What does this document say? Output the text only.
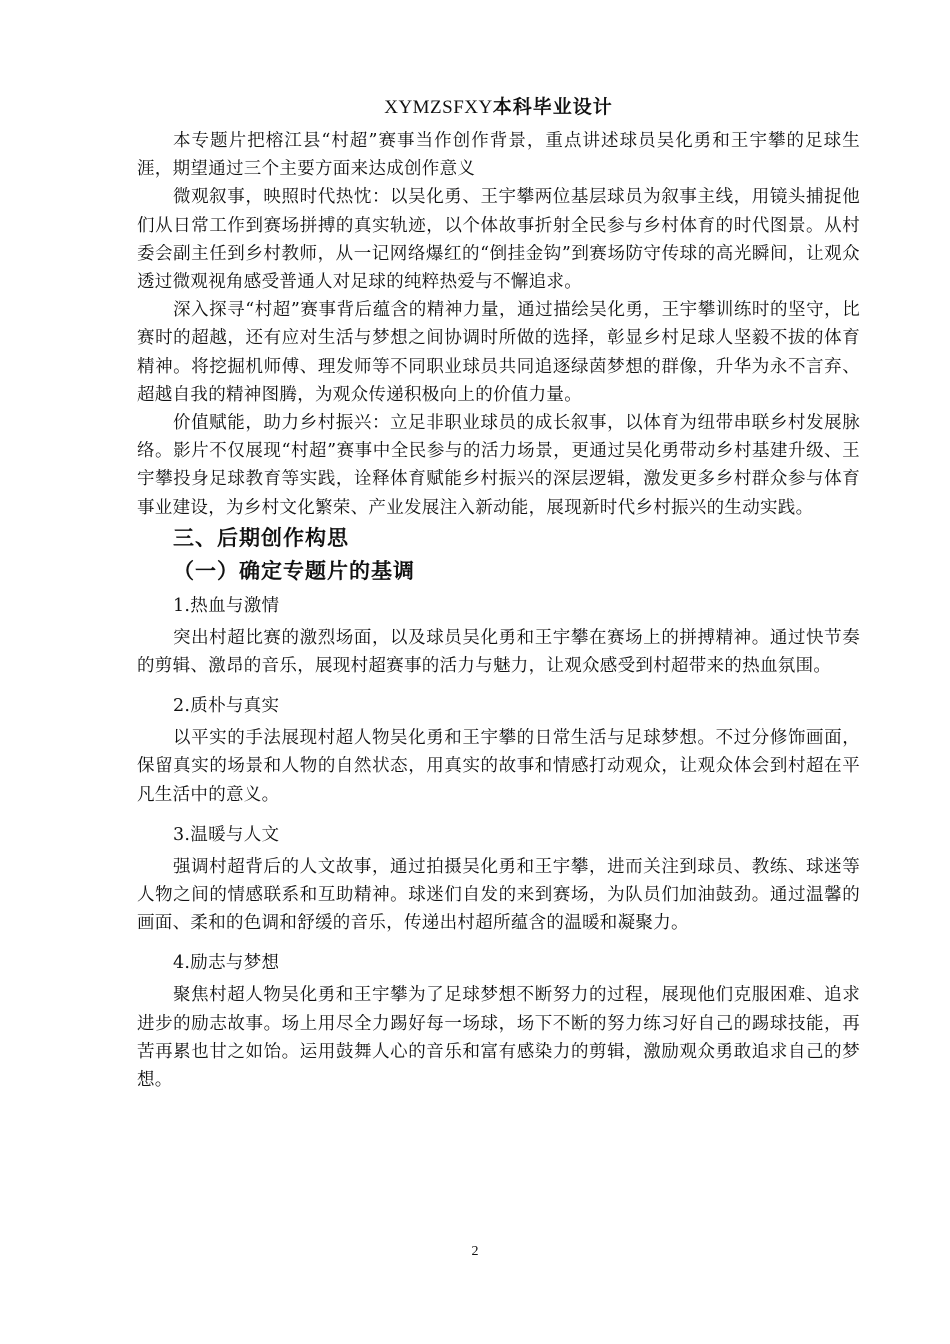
XYMZSFXY本科毕业设计

本专题片把榕江县“村超”赛事当作创作背景，重点讲述球员吴化勇和王宇攀的足球生涯，期望通过三个主要方面来达成创作意义

微观叙事，映照时代热忱：以吴化勇、王宇攀两位基层球员为叙事主线，用镜头捕捉他们从日常工作到赛场拼搏的真实轨迹，以个体故事折射全民参与乡村体育的时代图景。从村委会副主任到乡村教师，从一记网络爆红的“倒挂金钩”到赛场防守传球的高光瞬间，让观众透过微观视角感受普通人对足球的纯粹热爱与不懈追求。

深入探寻“村超”赛事背后蕴含的精神力量，通过描绘吴化勇，王宇攀训练时的坚守，比赛时的超越，还有应对生活与梦想之间协调时所做的选择，彰显乡村足球人坚毅不拔的体育精神。将挖掘机师傅、理发师等不同职业球员共同追逐绿茵梦想的群像，升华为永不言弃、超越自我的精神图腾，为观众传递积极向上的价值力量。

价值赋能，助力乡村振兴：立足非职业球员的成长叙事，以体育为纽带串联乡村发展脉络。影片不仅展现“村超”赛事中全民参与的活力场景，更通过吴化勇带动乡村基建升级、王宇攀投身足球教育等实践，诠释体育赋能乡村振兴的深层逻辑，激发更多乡村群众参与体育事业建设，为乡村文化繁荣、产业发展注入新动能，展现新时代乡村振兴的生动实践。

三、后期创作构思
（一）确定专题片的基调

1.热血与激情

突出村超比赛的激烈场面，以及球员吴化勇和王宇攀在赛场上的拼搏精神。通过快节奏的剪辑、激昂的音乐，展现村超赛事的活力与魅力，让观众感受到村超带来的热血氛围。

2.质朴与真实

以平实的手法展现村超人物吴化勇和王宇攀的日常生活与足球梦想。不过分修饰画面，保留真实的场景和人物的自然状态，用真实的故事和情感打动观众，让观众体会到村超在平凡生活中的意义。

3.温暖与人文

强调村超背后的人文故事，通过拍摄吴化勇和王宇攀，进而关注到球员、教练、球迷等人物之间的情感联系和互助精神。球迷们自发的来到赛场，为队员们加油鼓劲。通过温馨的画面、柔和的色调和舒缓的音乐，传递出村超所蕴含的温暖和凝聚力。

4.励志与梦想

聚焦村超人物吴化勇和王宇攀为了足球梦想不断努力的过程，展现他们克服困难、追求进步的励志故事。场上用尽全力踢好每一场球，场下不断的努力练习好自己的踢球技能，再苦再累也甘之如饴。运用鼓舞人心的音乐和富有感染力的剪辑，激励观众勇敢追求自己的梦想。

2
